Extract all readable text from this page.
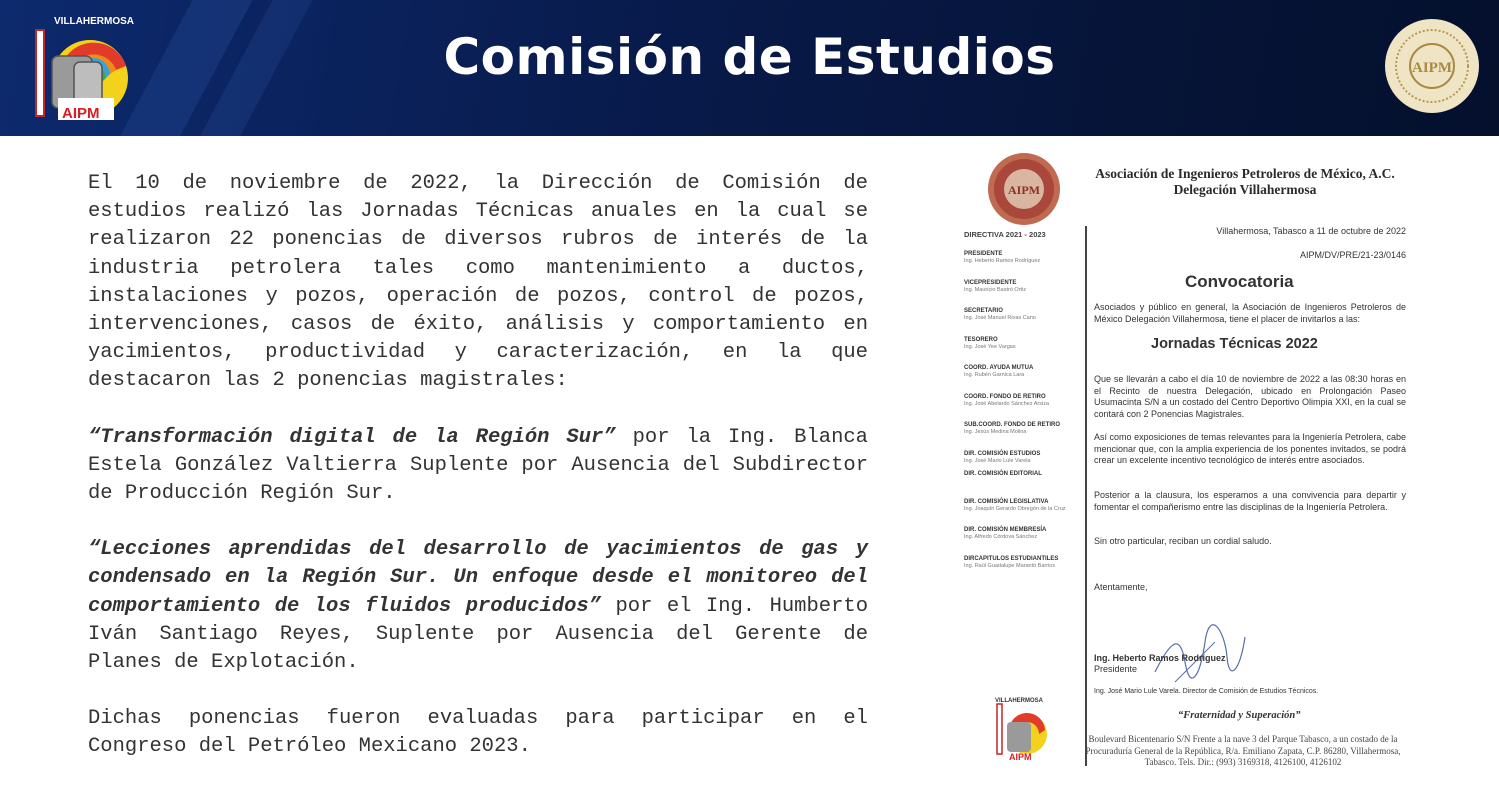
VILLAHERMOSA
AIPM
Comisión de Estudios	AIPM

El 10 de noviembre de 2022, la Dirección de Comisión de estudios realizó las Jornadas Técnicas anuales en la cual se realizaron 22 ponencias de diversos rubros de interés de la industria petrolera tales como mantenimiento a ductos, instalaciones y pozos, operación de pozos, control de pozos, intervenciones, casos de éxito, análisis y comportamiento en yacimientos, productividad y caracterización, en la que destacaron las 2 ponencias magistrales:

“Transformación digital de la Región Sur” por la Ing. Blanca Estela González Valtierra Suplente por Ausencia del Subdirector de Producción Región Sur.

“Lecciones aprendidas del desarrollo de yacimientos de gas y condensado en la Región Sur. Un enfoque desde el monitoreo del comportamiento de los fluidos producidos” por el Ing. Humberto Iván Santiago Reyes, Suplente por Ausencia del Gerente de Planes de Explotación.

Dichas ponencias fueron evaluadas para participar en el Congreso del Petróleo Mexicano 2023.

AIPM
Asociación de Ingenieros Petroleros de México, A.C.
Delegación Villahermosa
DIRECTIVA 2021 - 2023
PRESIDENTE
Ing. Heberto Ramos Rodríguez
VICEPRESIDENTE
Ing. Mauricio Bastró Ortiz
SECRETARIO
Ing. José Manuel Rivas Cano
TESORERO
Ing. José Yee Vargas
COORD. AYUDA MUTUA
Ing. Rubén Garnica Lara
COORD. FONDO DE RETIRO
Ing. José Abelardo Sánchez Arsiza
SUB.COORD. FONDO DE RETIRO
Ing. Jesús Medina Molina
DIR. COMISIÓN ESTUDIOS
Ing. José Mario Lule Varela
DIR. COMISIÓN EDITORIAL
DIR. COMISIÓN LEGISLATIVA
Ing. Joaquín Gerardo Obregón de la Cruz
DIR. COMISIÓN MEMBRESÍA
Ing. Alfredo Córdova Sánchez
DIRCAPITULOS ESTUDIANTILES
Ing. Raúl Guadalupe Marantó Barrios
Villahermosa, Tabasco a 11 de octubre de 2022
AIPM/DV/PRE/21-23/0146
Convocatoria
Asociados y público en general, la Asociación de Ingenieros Petroleros de México Delegación Villahermosa, tiene el placer de invitarlos a las:
Jornadas Técnicas 2022
Que se llevarán a cabo el día 10 de noviembre de 2022 a las 08:30 horas en el Recinto de nuestra Delegación, ubicado en Prolongación Paseo Usumacinta S/N a un costado del Centro Deportivo Olimpia XXI, en la cual se contará con 2 Ponencias Magistrales.
Así como exposiciones de temas relevantes para la Ingeniería Petrolera, cabe mencionar que, con la amplia experiencia de los ponentes invitados, se podrá crear un excelente incentivo tecnológico de interés entre asociados.
Posterior a la clausura, los esperamos a una convivencia para departir y fomentar el compañerismo entre las disciplinas de la Ingeniería Petrolera.
Sin otro particular, reciban un cordial saludo.
Atentamente,
Ing. Heberto Ramos Rodríguez
Presidente
Ing. José Mario Lule Varela. Director de Comisión de Estudios Técnicos.
VILLAHERMOSA
AIPM
“Fraternidad y Superación”
Boulevard Bicentenario S/N Frente a la nave 3 del Parque Tabasco, a un costado de la Procuraduría General de la República, R/a. Emiliano Zapata, C.P. 86280, Villahermosa, Tabasco. Tels. Dir.: (993) 3169318, 4126100, 4126102
